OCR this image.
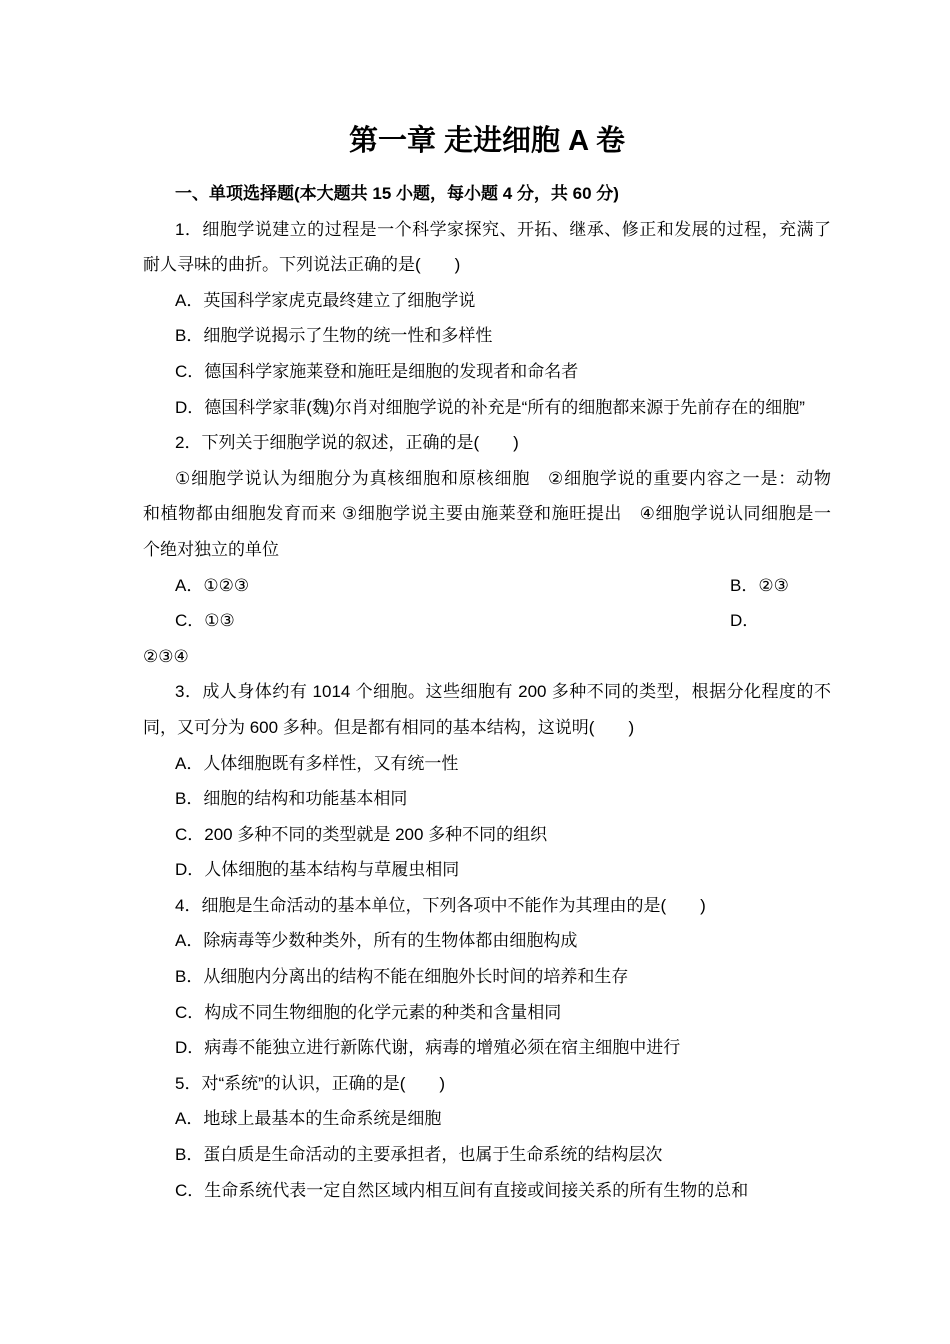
第一章 走进细胞 A 卷
一、单项选择题(本大题共 15 小题，每小题 4 分，共 60 分)
1．细胞学说建立的过程是一个科学家探究、开拓、继承、修正和发展的过程，充满了
耐人寻味的曲折。下列说法正确的是(　　)
A．英国科学家虎克最终建立了细胞学说
B．细胞学说揭示了生物的统一性和多样性
C．德国科学家施莱登和施旺是细胞的发现者和命名者
D．德国科学家菲(魏)尔肖对细胞学说的补充是“所有的细胞都来源于先前存在的细胞”
2．下列关于细胞学说的叙述，正确的是(　　)
①细胞学说认为细胞分为真核细胞和原核细胞　②细胞学说的重要内容之一是：动物
和植物都由细胞发育而来 ③细胞学说主要由施莱登和施旺提出　④细胞学说认同细胞是一
个绝对独立的单位
A．①②③	B．②③
C．①③	D．
②③④
3．成人身体约有 1014 个细胞。这些细胞有 200 多种不同的类型，根据分化程度的不
同，又可分为 600 多种。但是都有相同的基本结构，这说明(　　)
A．人体细胞既有多样性，又有统一性
B．细胞的结构和功能基本相同
C．200 多种不同的类型就是 200 多种不同的组织
D．人体细胞的基本结构与草履虫相同
4．细胞是生命活动的基本单位，下列各项中不能作为其理由的是(　　)
A．除病毒等少数种类外，所有的生物体都由细胞构成
B．从细胞内分离出的结构不能在细胞外长时间的培养和生存
C．构成不同生物细胞的化学元素的种类和含量相同
D．病毒不能独立进行新陈代谢，病毒的增殖必须在宿主细胞中进行
5．对“系统”的认识，正确的是(　　)
A．地球上最基本的生命系统是细胞
B．蛋白质是生命活动的主要承担者，也属于生命系统的结构层次
C．生命系统代表一定自然区域内相互间有直接或间接关系的所有生物的总和
